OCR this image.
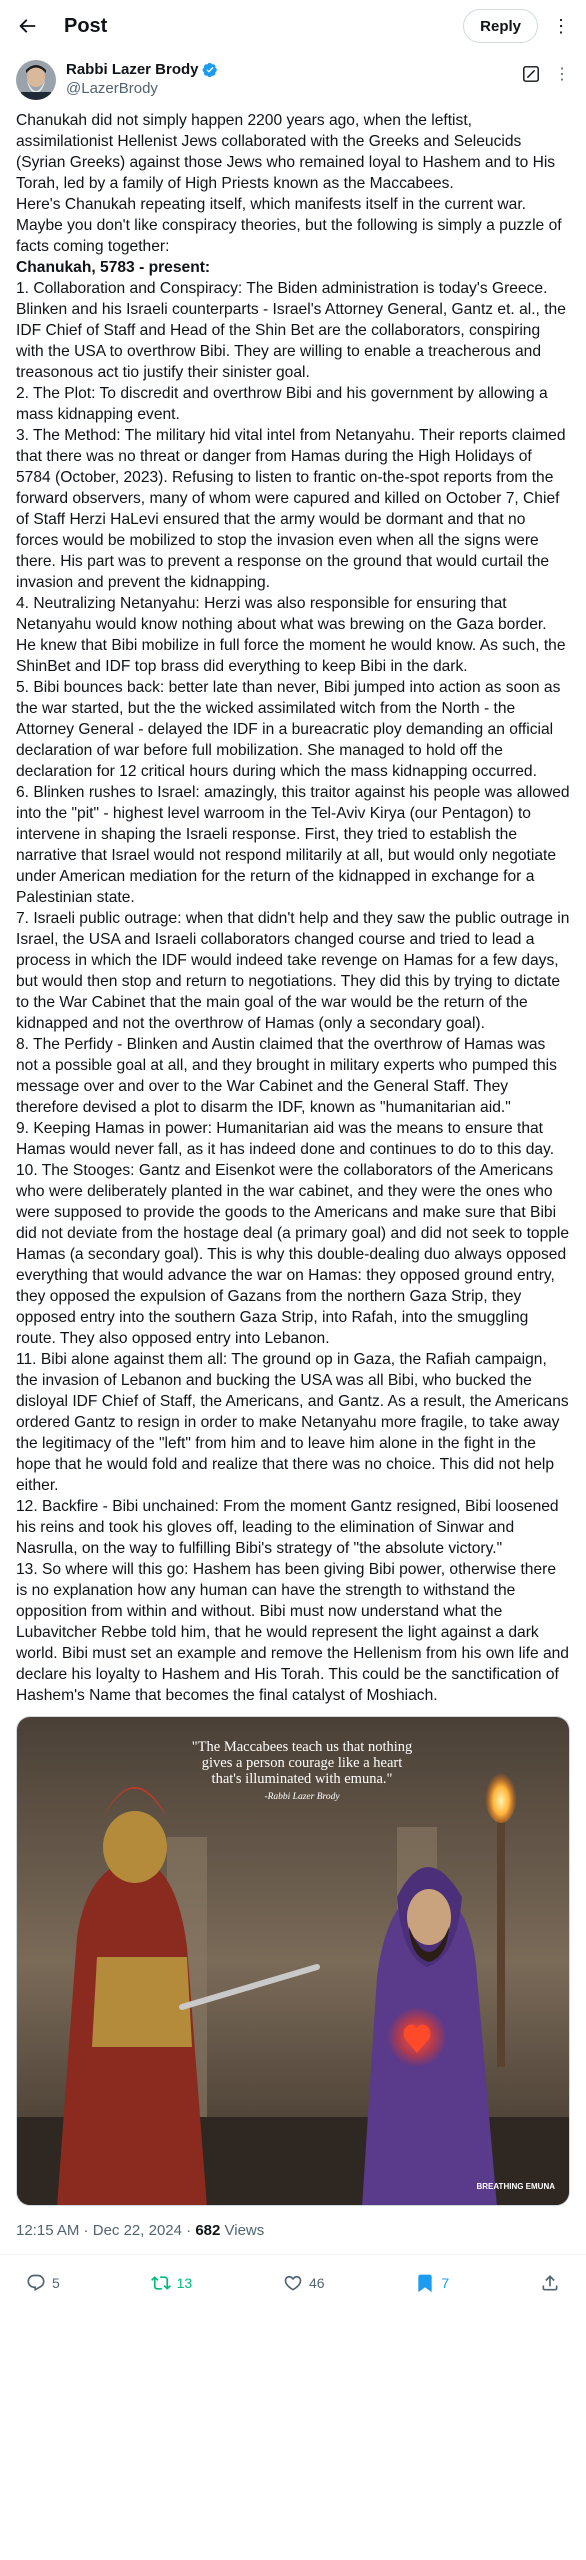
Post	Reply	⋮
Rabbi Lazer Brody
@LazerBrody
⋮

Chanukah did not simply happen 2200 years ago, when the leftist, assimilationist Hellenist Jews collaborated with the Greeks and Seleucids (Syrian Greeks) against those Jews who remained loyal to Hashem and to His Torah, led by a family of High Priests known as the Maccabees.

Here's Chanukah repeating itself, which manifests itself in the current war. Maybe you don't like conspiracy theories, but the following is simply a puzzle of facts coming together:

Chanukah, 5783 - present:

1. Collaboration and Conspiracy: The Biden administration is today's Greece. Blinken and his Israeli counterparts - Israel's Attorney General, Gantz et. al., the IDF Chief of Staff and Head of the Shin Bet are the collaborators, conspiring with the USA to overthrow Bibi. They are willing to enable a treacherous and treasonous act tio justify their sinister goal.

2. The Plot: To discredit and overthrow Bibi and his government by allowing a mass kidnapping event.

3. The Method: The military hid vital intel from Netanyahu. Their reports claimed that there was no threat or danger from Hamas during the High Holidays of 5784 (October, 2023). Refusing to listen to frantic on-the-spot reports from the forward observers, many of whom were capured and killed on October 7, Chief of Staff Herzi HaLevi ensured that the army would be dormant and that no forces would be mobilized to stop the invasion even when all the signs were there. His part was to prevent a response on the ground that would curtail the invasion and prevent the kidnapping.

4. Neutralizing Netanyahu: Herzi was also responsible for ensuring that Netanyahu would know nothing about what was brewing on the Gaza border. He knew that Bibi mobilize in full force the moment he would know. As such, the ShinBet and IDF top brass did everything to keep Bibi in the dark.

5. Bibi bounces back: better late than never, Bibi jumped into action as soon as the war started, but the the wicked assimilated witch from the North - the Attorney General - delayed the IDF in a bureacratic ploy demanding an official declaration of war before full mobilization. She managed to hold off the declaration for 12 critical hours during which the mass kidnapping occurred.

6. Blinken rushes to Israel: amazingly, this traitor against his people was allowed into the "pit" - highest level warroom in the Tel-Aviv Kirya (our Pentagon) to intervene in shaping the Israeli response. First, they tried to establish the narrative that Israel would not respond militarily at all, but would only negotiate under American mediation for the return of the kidnapped in exchange for a Palestinian state.

7. Israeli public outrage: when that didn't help and they saw the public outrage in Israel, the USA and Israeli collaborators changed course and tried to lead a process in which the IDF would indeed take revenge on Hamas for a few days, but would then stop and return to negotiations. They did this by trying to dictate to the War Cabinet that the main goal of the war would be the return of the kidnapped and not the overthrow of Hamas (only a secondary goal).

8. The Perfidy - Blinken and Austin claimed that the overthrow of Hamas was not a possible goal at all, and they brought in military experts who pumped this message over and over to the War Cabinet and the General Staff. They therefore devised a plot to disarm the IDF, known as "humanitarian aid."

9. Keeping Hamas in power: Humanitarian aid was the means to ensure that Hamas would never fall, as it has indeed done and continues to do to this day.

10. The Stooges: Gantz and Eisenkot were the collaborators of the Americans who were deliberately planted in the war cabinet, and they were the ones who were supposed to provide the goods to the Americans and make sure that Bibi did not deviate from the hostage deal (a primary goal) and did not seek to topple Hamas (a secondary goal). This is why this double-dealing duo always opposed everything that would advance the war on Hamas: they opposed ground entry, they opposed the expulsion of Gazans from the northern Gaza Strip, they opposed entry into the southern Gaza Strip, into Rafah, into the smuggling route. They also opposed entry into Lebanon.

11. Bibi alone against them all: The ground op in Gaza, the Rafiah campaign, the invasion of Lebanon and bucking the USA was all Bibi, who bucked the disloyal IDF Chief of Staff, the Americans, and Gantz. As a result, the Americans ordered Gantz to resign in order to make Netanyahu more fragile, to take away the legitimacy of the "left" from him and to leave him alone in the fight in the hope that he would fold and realize that there was no choice. This did not help either.

12. Backfire - Bibi unchained: From the moment Gantz resigned, Bibi loosened his reins and took his gloves off, leading to the elimination of Sinwar and Nasrulla, on the way to fulfilling Bibi's strategy of "the absolute victory."

13. So where will this go: Hashem has been giving Bibi power, otherwise there is no explanation how any human can have the strength to withstand the opposition from within and without. Bibi must now understand what the Lubavitcher Rebbe told him, that he would represent the light against a dark world. Bibi must set an example and remove the Hellenism from his own life and declare his loyalty to Hashem and His Torah. This could be the sanctification of Hashem's Name that becomes the final catalyst of Moshiach.

"The Maccabees teach us that nothing gives a person courage like a heart that's illuminated with emuna."
-Rabbi Lazer Brody
BREATHING EMUNA
12:15 AM · Dec 22, 2024 · 682 Views
5	13	46	7
